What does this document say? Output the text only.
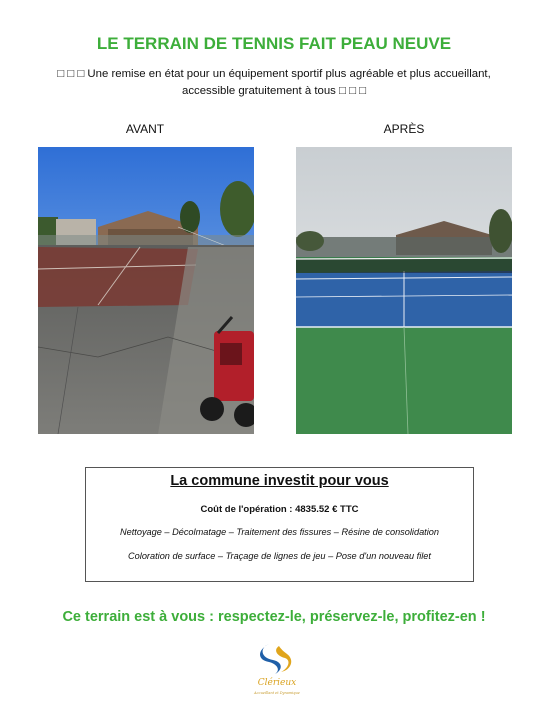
LE TERRAIN DE TENNIS FAIT PEAU NEUVE
□ □ □ Une remise en état pour un équipement sportif plus agréable et plus accueillant,
accessible gratuitement à tous □ □ □
AVANT	APRÈS
La commune investit pour vous
Coût de l'opération : 4835.52 € TTC
Nettoyage – Décolmatage – Traitement des fissures – Résine de consolidation
Coloration de surface – Traçage de lignes de jeu – Pose d'un nouveau filet
Ce terrain est à vous : respectez-le, préservez-le, profitez-en !
Clérieux
Accueillant et Dynamique
